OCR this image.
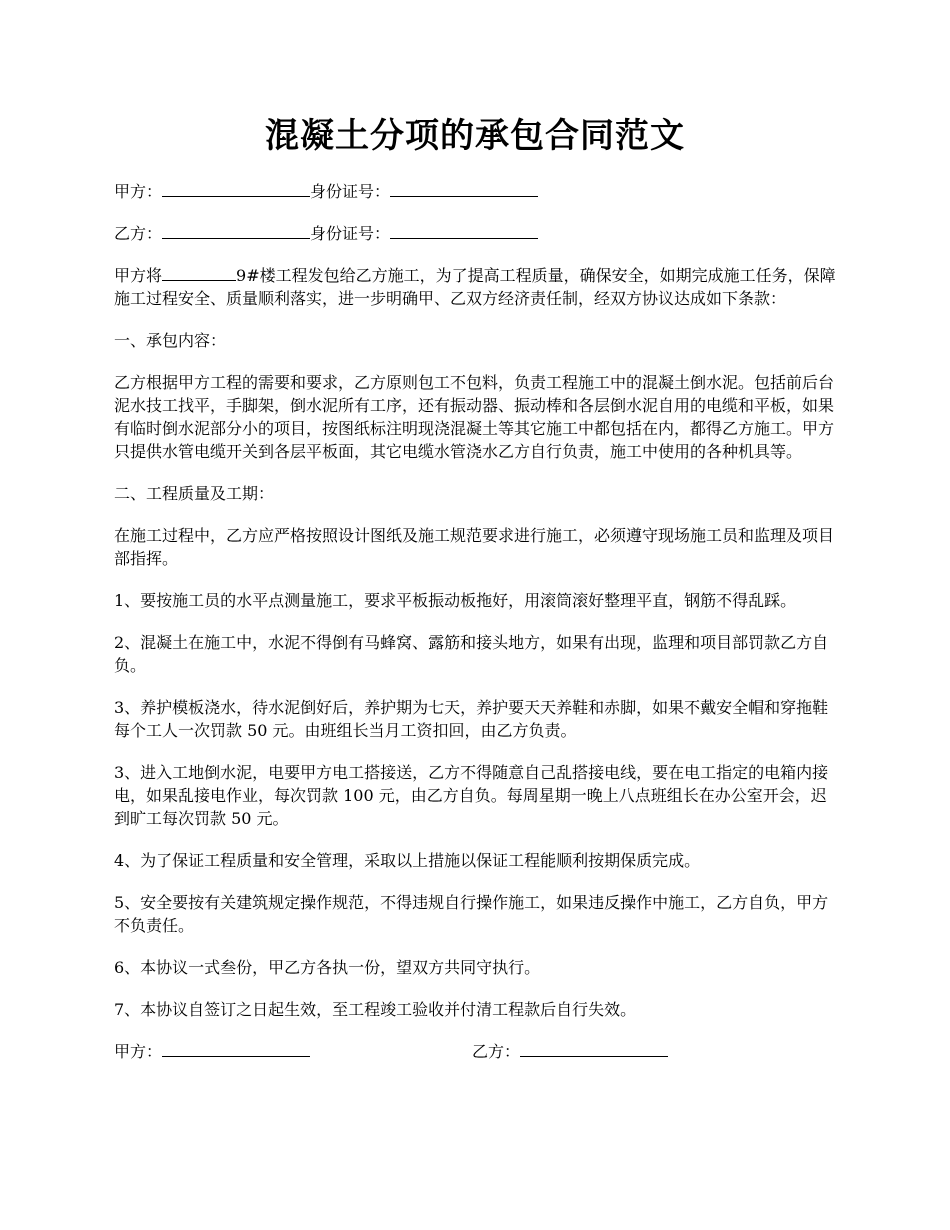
混凝土分项的承包合同范文

甲方：	身份证号：

乙方：	身份证号：

甲方将	9#楼工程发包给乙方施工，为了提高工程质量，确保安全，如期完成施工任务，保障施工过程安全、质量顺利落实，进一步明确甲、乙双方经济责任制，经双方协议达成如下条款：

一、承包内容：

乙方根据甲方工程的需要和要求，乙方原则包工不包料，负责工程施工中的混凝土倒水泥。包括前后台泥水技工找平，手脚架，倒水泥所有工序，还有振动器、振动棒和各层倒水泥自用的电缆和平板，如果有临时倒水泥部分小的项目，按图纸标注明现浇混凝土等其它施工中都包括在内，都得乙方施工。甲方只提供水管电缆开关到各层平板面，其它电缆水管浇水乙方自行负责，施工中使用的各种机具等。

二、工程质量及工期：

在施工过程中，乙方应严格按照设计图纸及施工规范要求进行施工，必须遵守现场施工员和监理及项目部指挥。

1、要按施工员的水平点测量施工，要求平板振动板拖好，用滚筒滚好整理平直，钢筋不得乱踩。

2、混凝土在施工中，水泥不得倒有马蜂窝、露筋和接头地方，如果有出现，监理和项目部罚款乙方自负。

3、养护模板浇水，待水泥倒好后，养护期为七天，养护要天天养鞋和赤脚，如果不戴安全帽和穿拖鞋每个工人一次罚款 50 元。由班组长当月工资扣回，由乙方负责。

3、进入工地倒水泥，电要甲方电工搭接送，乙方不得随意自己乱搭接电线，要在电工指定的电箱内接电，如果乱接电作业，每次罚款 100 元，由乙方自负。每周星期一晚上八点班组长在办公室开会，迟到旷工每次罚款 50 元。

4、为了保证工程质量和安全管理，采取以上措施以保证工程能顺利按期保质完成。

5、安全要按有关建筑规定操作规范，不得违规自行操作施工，如果违反操作中施工，乙方自负，甲方不负责任。

6、本协议一式叁份，甲乙方各执一份，望双方共同守执行。

7、本协议自签订之日起生效，至工程竣工验收并付清工程款后自行失效。

甲方：	乙方：
